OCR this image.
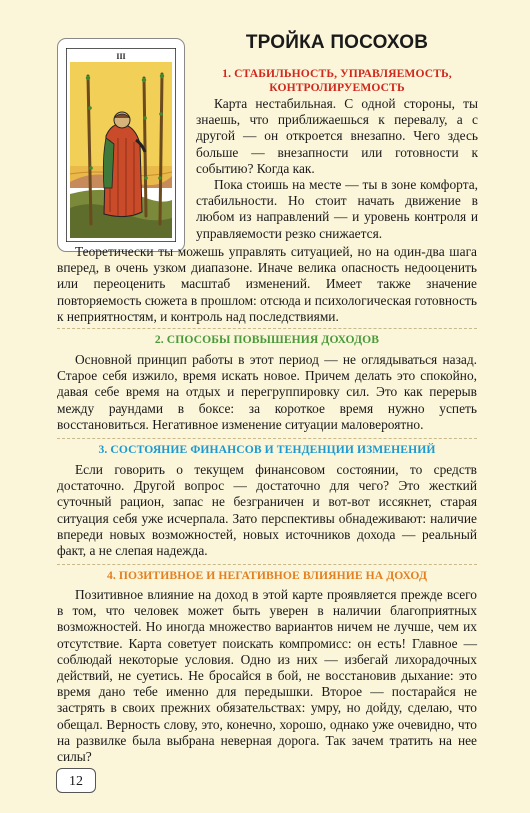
III
ТРОЙКА ПОСОХОВ
1. СТАБИЛЬНОСТЬ, УПРАВЛЯЕМОСТЬ,
КОНТРОЛИРУЕМОСТЬ

Карта нестабильная. С одной стороны, ты знаешь, что приближаешься к перевалу, а с другой — он откроется внезапно. Чего здесь больше — внезапности или готовности к событию? Когда как.

Пока стоишь на месте — ты в зоне комфорта, стабильности. Но стоит начать движение в любом из направлений — и уровень контроля и управляемости резко снижается.

Теоретически ты можешь управлять ситуацией, но на один-два шага вперед, в очень узком диапазоне. Иначе велика опасность недооценить или переоценить масштаб изменений. Имеет также значение повторяемость сюжета в прошлом: отсюда и психологическая готовность к неприятностям, и контроль над последствиями.

2. СПОСОБЫ ПОВЫШЕНИЯ ДОХОДОВ

Основной принцип работы в этот период — не оглядываться назад. Старое себя изжило, время искать новое. Причем делать это спокойно, давая себе время на отдых и перегруппировку сил. Это как перерыв между раундами в боксе: за короткое время нужно успеть восстановиться. Негативное изменение ситуации маловероятно.

3. СОСТОЯНИЕ ФИНАНСОВ И ТЕНДЕНЦИИ ИЗМЕНЕНИЙ

Если говорить о текущем финансовом состоянии, то средств достаточно. Другой вопрос — достаточно для чего? Это жесткий суточный рацион, запас не безграничен и вот-вот иссякнет, старая ситуация себя уже исчерпала. Зато перспективы обнадеживают: наличие впереди новых возможностей, новых источников дохода — реальный факт, а не слепая надежда.

4. ПОЗИТИВНОЕ И НЕГАТИВНОЕ ВЛИЯНИЕ НА ДОХОД

Позитивное влияние на доход в этой карте проявляется прежде всего в том, что человек может быть уверен в наличии благоприятных возможностей. Но иногда множество вариантов ничем не лучше, чем их отсутствие. Карта советует поискать компромисс: он есть! Главное — соблюдай некоторые условия. Одно из них — избегай лихорадочных действий, не суетись. Не бросайся в бой, не восстановив дыхание: это время дано тебе именно для передышки. Второе — постарайся не застрять в своих прежних обязательствах: умру, но дойду, сделаю, что обещал. Верность слову, это, конечно, хорошо, однако уже очевидно, что на развилке была выбрана неверная дорога. Так зачем тратить на нее силы?

12
